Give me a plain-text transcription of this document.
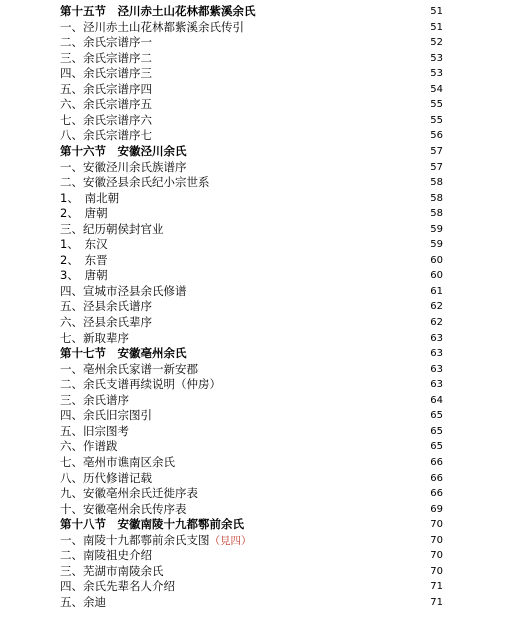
第十五节　泾川赤土山花林都紫溪余氏	51
一、泾川赤土山花林都紫溪余氏传引	51
二、余氏宗谱序一	52
三、余氏宗谱序二	53
四、余氏宗谱序三	53
五、余氏宗谱序四	54
六、余氏宗谱序五	55
七、余氏宗谱序六	55
八、余氏宗谱序七	56
第十六节　安徽泾川余氏	57
一、安徽泾川余氏族谱序	57
二、安徽泾县余氏纪小宗世系	58
1、　南北朝	58
2、　唐朝	58
三、纪历朝侯封官业	59
1、　东汉	59
2、　东晋	60
3、　唐朝	60
四、宣城市泾县余氏修谱	61
五、泾县余氏谱序	62
六、泾县余氏辈序	62
七、新取辈序	63
第十七节　安徽亳州余氏	63
一、亳州余氏家谱一新安郡	63
二、余氏支谱再续说明（仲房）	63
三、余氏谱序	64
四、余氏旧宗图引	65
五、旧宗图考	65
六、作谱跋	65
七、亳州市谯南区余氏	66
八、历代修谱记载	66
九、安徽亳州余氏迁徙序表	66
十、安徽亳州余氏传序表	69
第十八节　安徽南陵十九都鄠前余氏	70
一、南陵十九都鄠前余氏支图（見四）	70
二、南陵祖史介绍	70
三、芜湖市南陵余氏	70
四、余氏先辈名人介绍	71
五、余迪	71
